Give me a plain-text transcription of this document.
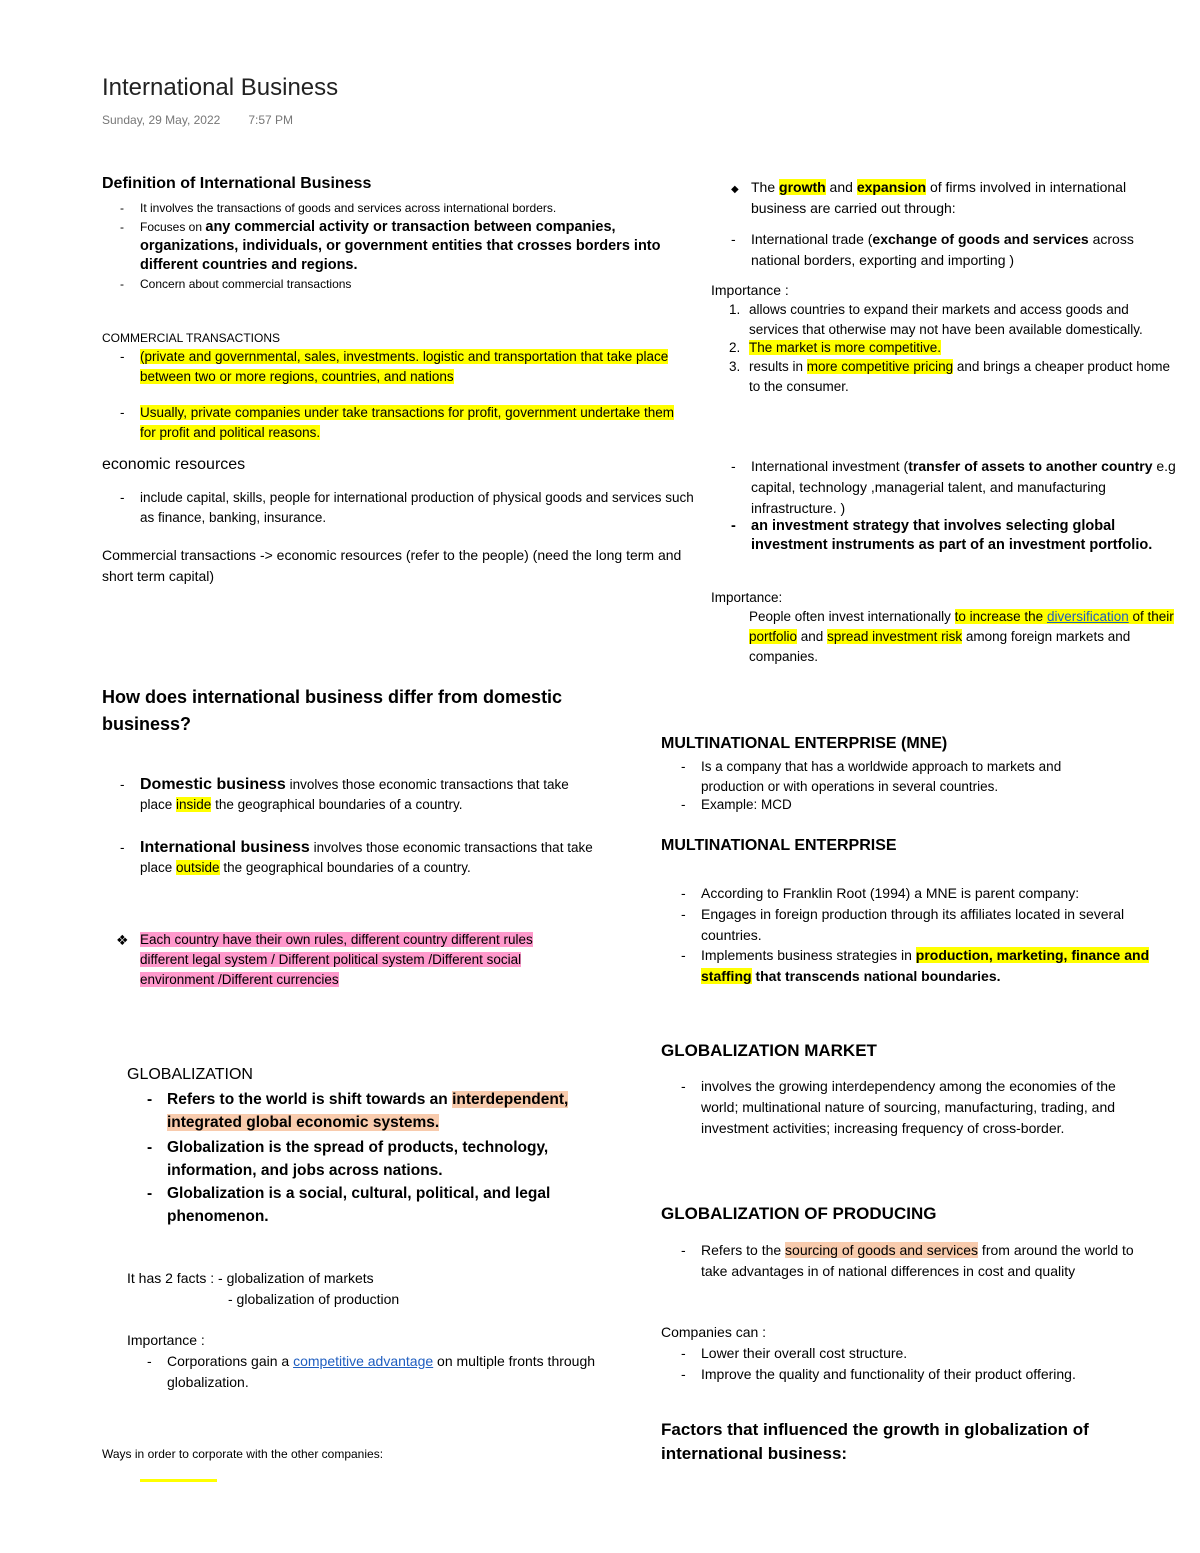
International Business
Sunday, 29 May, 2022 7:57 PM
Definition of International Business
-	It involves the transactions of goods and services across international borders.
-	Focuses on any commercial activity or transaction between companies, organizations, individuals, or government entities that crosses borders into different countries and regions.
-	Concern about commercial transactions
COMMERCIAL TRANSACTIONS
-	(private and governmental, sales, investments. logistic and transportation that take place between two or more regions, countries, and nations
-	Usually, private companies under take transactions for profit, government undertake them for profit and political reasons.
economic resources
-	include capital, skills, people for international production of physical goods and services such as finance, banking, insurance.
Commercial transactions -> economic resources (refer to the people) (need the long term and short term capital)
How does international business differ from domestic business?
- Domestic business involves those economic transactions that take place inside the geographical boundaries of a country.
- International business involves those economic transactions that take place outside the geographical boundaries of a country.
❖ Each country have their own rules, different country different rules different legal system / Different political system /Different social environment /Different currencies
GLOBALIZATION
- Refers to the world is shift towards an interdependent, integrated global economic systems.
- Globalization is the spread of products, technology, information, and jobs across nations.
- Globalization is a social, cultural, political, and legal phenomenon.
It has 2 facts : - globalization of markets
- globalization of production
Importance :
-	Corporations gain a competitive advantage on multiple fronts through globalization.
Ways in order to corporate with the other companies:
◆ The growth and expansion of firms involved in international business are carried out through:
-	International trade (exchange of goods and services across national borders, exporting and importing )
Importance :
1. allows countries to expand their markets and access goods and services that otherwise may not have been available domestically.
2. The market is more competitive.
3. results in more competitive pricing and brings a cheaper product home to the consumer.
-	International investment (transfer of assets to another country e.g capital, technology ,managerial talent, and manufacturing infrastructure. )
-	an investment strategy that involves selecting global investment instruments as part of an investment portfolio.
Importance:
People often invest internationally to increase the diversification of their portfolio and spread investment risk among foreign markets and companies.
MULTINATIONAL ENTERPRISE (MNE)
-	Is a company that has a worldwide approach to markets and production or with operations in several countries.
-	Example: MCD
MULTINATIONAL ENTERPRISE
-	According to Franklin Root (1994) a MNE is parent company:
-	Engages in foreign production through its affiliates located in several countries.
-	Implements business strategies in production, marketing, finance and staffing that transcends national boundaries.
GLOBALIZATION MARKET
-	involves the growing interdependency among the economies of the world; multinational nature of sourcing, manufacturing, trading, and investment activities; increasing frequency of cross-border.
GLOBALIZATION OF PRODUCING
-	Refers to the sourcing of goods and services from around the world to take advantages in of national differences in cost and quality
Companies can :
-	Lower their overall cost structure.
-	Improve the quality and functionality of their product offering.
Factors that influenced the growth in globalization of international business:
